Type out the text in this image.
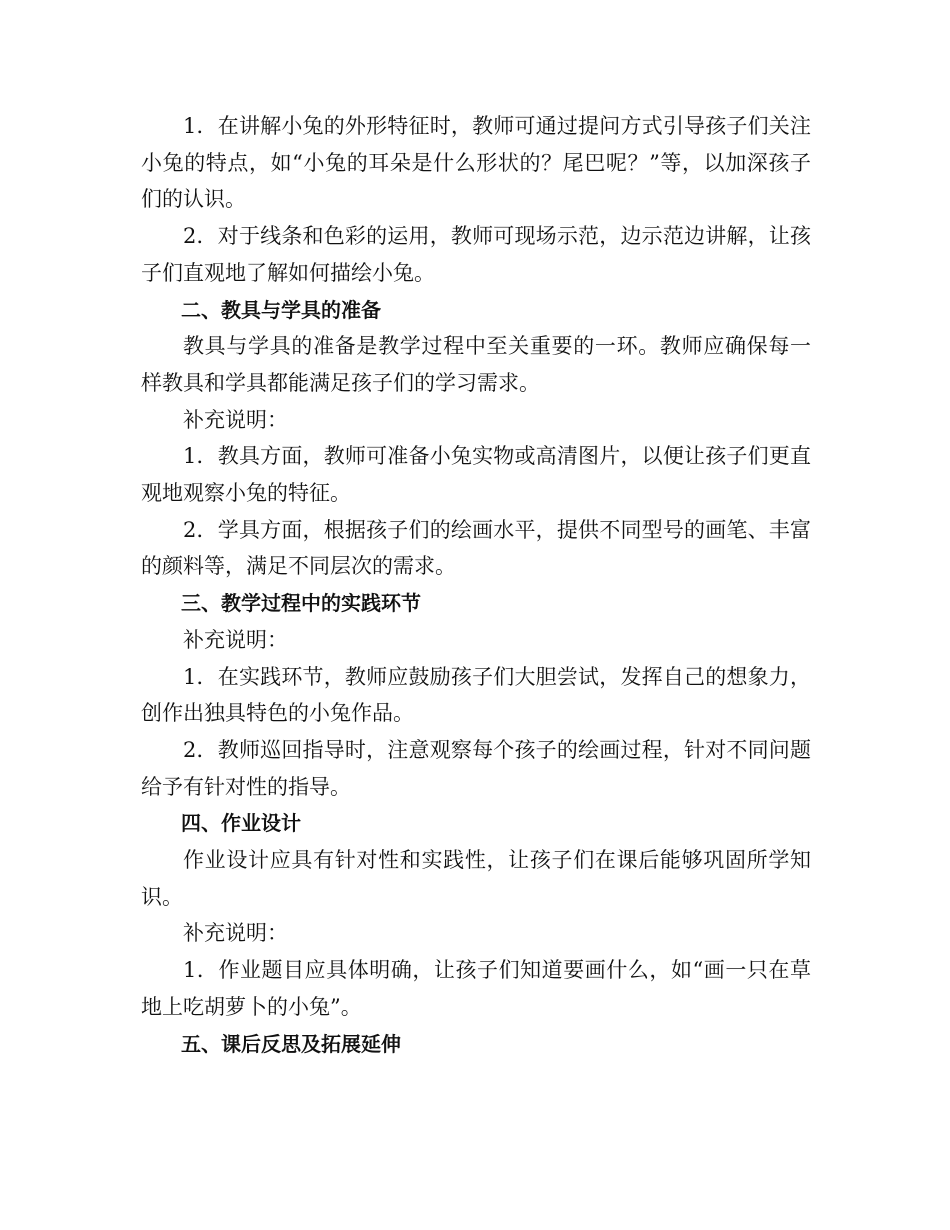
1．在讲解小兔的外形特征时，教师可通过提问方式引导孩子们关注小兔的特点，如“小兔的耳朵是什么形状的？尾巴呢？”等，以加深孩子们的认识。

2．对于线条和色彩的运用，教师可现场示范，边示范边讲解，让孩子们直观地了解如何描绘小兔。

二、教具与学具的准备

教具与学具的准备是教学过程中至关重要的一环。教师应确保每一样教具和学具都能满足孩子们的学习需求。

补充说明：

1．教具方面，教师可准备小兔实物或高清图片，以便让孩子们更直观地观察小兔的特征。

2．学具方面，根据孩子们的绘画水平，提供不同型号的画笔、丰富的颜料等，满足不同层次的需求。

三、教学过程中的实践环节

补充说明：

1．在实践环节，教师应鼓励孩子们大胆尝试，发挥自己的想象力，创作出独具特色的小兔作品。

2．教师巡回指导时，注意观察每个孩子的绘画过程，针对不同问题给予有针对性的指导。

四、作业设计

作业设计应具有针对性和实践性，让孩子们在课后能够巩固所学知识。

补充说明：

1．作业题目应具体明确，让孩子们知道要画什么，如“画一只在草地上吃胡萝卜的小兔”。

五、课后反思及拓展延伸
